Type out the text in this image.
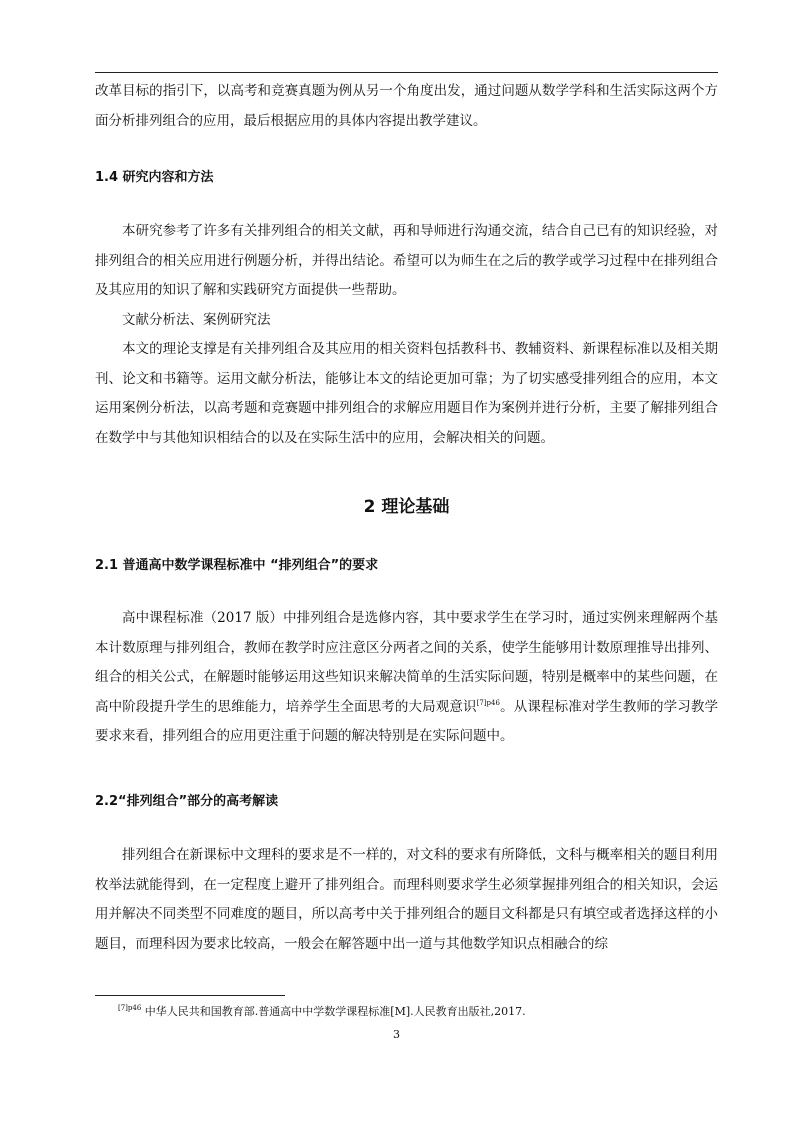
改革目标的指引下，以高考和竞赛真题为例从另一个角度出发，通过问题从数学学科和生活实际这两个方面分析排列组合的应用，最后根据应用的具体内容提出教学建议。

1.4 研究内容和方法

本研究参考了许多有关排列组合的相关文献，再和导师进行沟通交流，结合自己已有的知识经验，对排列组合的相关应用进行例题分析，并得出结论。希望可以为师生在之后的教学或学习过程中在排列组合及其应用的知识了解和实践研究方面提供一些帮助。

文献分析法、案例研究法

本文的理论支撑是有关排列组合及其应用的相关资料包括教科书、教辅资料、新课程标准以及相关期刊、论文和书籍等。运用文献分析法，能够让本文的结论更加可靠；为了切实感受排列组合的应用，本文运用案例分析法，以高考题和竞赛题中排列组合的求解应用题目作为案例并进行分析，主要了解排列组合在数学中与其他知识相结合的以及在实际生活中的应用，会解决相关的问题。

2 理论基础
2.1 普通高中数学课程标准中 “排列组合”的要求

高中课程标准（2017 版）中排列组合是选修内容，其中要求学生在学习时，通过实例来理解两个基本计数原理与排列组合，教师在教学时应注意区分两者之间的关系，使学生能够用计数原理推导出排列、组合的相关公式，在解题时能够运用这些知识来解决简单的生活实际问题，特别是概率中的某些问题，在高中阶段提升学生的思维能力，培养学生全面思考的大局观意识$^{[7]p46}$。从课程标准对学生教师的学习教学要求来看，排列组合的应用更注重于问题的解决特别是在实际问题中。

2.2“排列组合”部分的高考解读

排列组合在新课标中文理科的要求是不一样的，对文科的要求有所降低，文科与概率相关的题目利用枚举法就能得到，在一定程度上避开了排列组合。而理科则要求学生必须掌握排列组合的相关知识，会运用并解决不同类型不同难度的题目，所以高考中关于排列组合的题目文科都是只有填空或者选择这样的小题目，而理科因为要求比较高，一般会在解答题中出一道与其他数学知识点相融合的综

$^{[7]p46}$ 中华人民共和国教育部.普通高中中学数学课程标准[M].人民教育出版社,2017.
3
